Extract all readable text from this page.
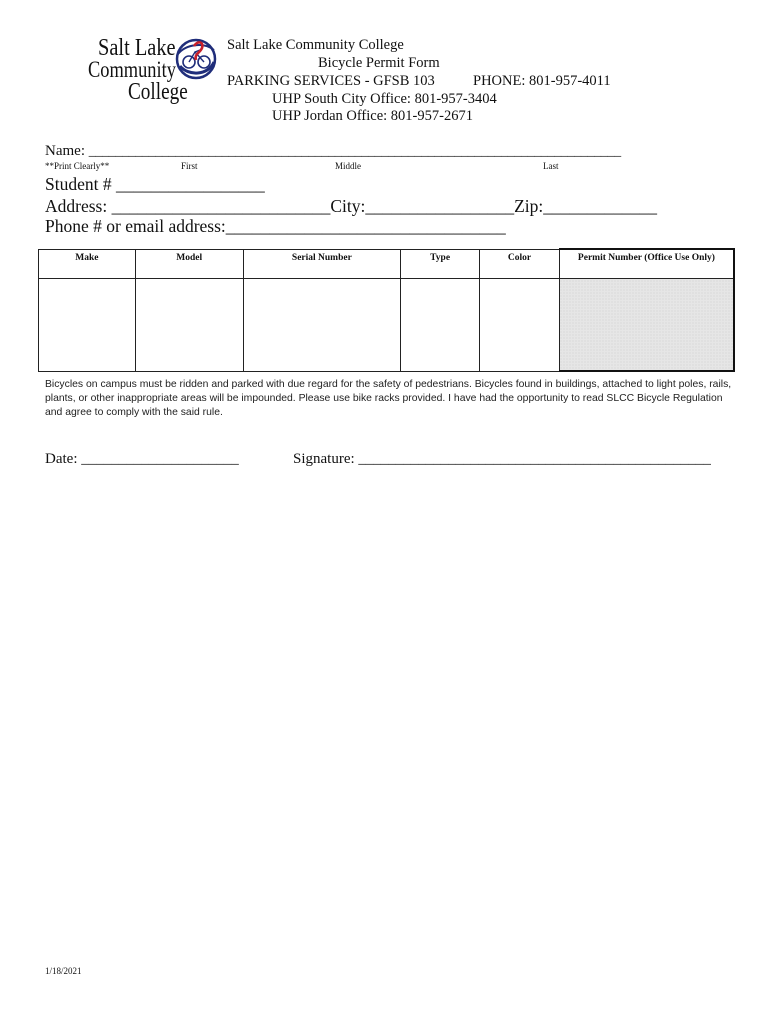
Salt Lake
Community
College
Salt Lake Community College
Bicycle Permit Form
PARKING SERVICES - GFSB 103	PHONE: 801-957-4011
UHP South City Office: 801-957-3404
UHP Jordan Office: 801-957-2671
Name: ________________________________________________________________________________
**Print Clearly**	First	Middle	Last
Student # _________________
Address: _________________________City:_________________Zip:_____________
Phone # or email address:________________________________
Make	Model	Serial Number	Type	Color	Permit Number (Office Use Only)

Bicycles on campus must be ridden and parked with due regard for the safety of pedestrians. Bicycles found in buildings, attached to light poles, rails, plants, or other inappropriate areas will be impounded. Please use bike racks provided. I have had the opportunity to read SLCC Bicycle Regulation and agree to comply with the said rule.
Date: _____________________	Signature: _______________________________________________
1/18/2021
